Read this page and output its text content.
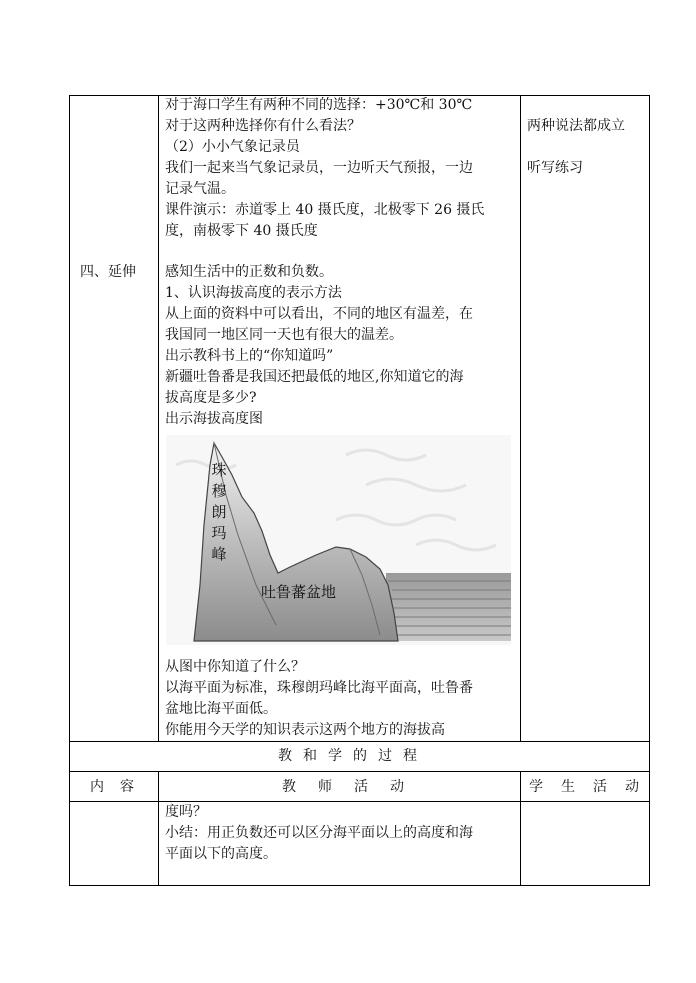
四、延伸
对于海口学生有两种不同的选择：+30℃和 30℃
对于这两种选择你有什么看法？
（2）小小气象记录员
我们一起来当气象记录员，一边听天气预报，一边
记录气温。
课件演示：赤道零上 40 摄氏度，北极零下 26 摄氏
度，南极零下 40 摄氏度
感知生活中的正数和负数。
1、认识海拔高度的表示方法
从上面的资料中可以看出，不同的地区有温差，在
我国同一地区同一天也有很大的温差。
出示教科书上的“你知道吗”
新疆吐鲁番是我国还把最低的地区,你知道它的海
拔高度是多少?
出示海拔高度图
珠穆朗玛峰
吐鲁蕃盆地
从图中你知道了什么？
以海平面为标准，珠穆朗玛峰比海平面高，吐鲁番
盆地比海平面低。
你能用今天学的知识表示这两个地方的海拔高
两种说法都成立
听写练习
教和学的过程
内容	教师活动	学生活动
度吗？
小结：用正负数还可以区分海平面以上的高度和海
平面以下的高度。
